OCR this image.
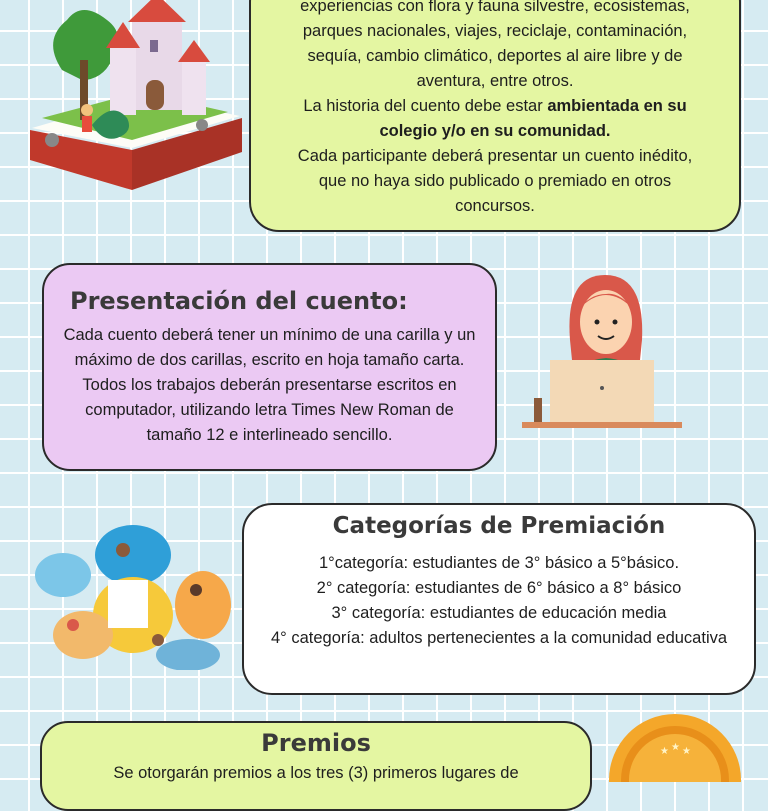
experiencias con flora y fauna silvestre, ecosistemas,

parques nacionales, viajes, reciclaje, contaminación,

sequía, cambio climático, deportes al aire libre y de

aventura, entre otros.

La historia del cuento debe estar ambientada en su colegio y/o en su comunidad.

Cada participante deberá presentar un cuento inédito, que no haya sido publicado o premiado en otros concursos.

Presentación del cuento:
Cada cuento deberá tener un mínimo de una carilla y un máximo de dos carillas, escrito en hoja tamaño carta. Todos los trabajos deberán presentarse escritos en computador, utilizando letra Times New Roman de tamaño 12 e interlineado sencillo.
Categorías de Premiación

1°categoría: estudiantes de 3° básico a 5°básico.

2° categoría: estudiantes de 6° básico a 8° básico

3° categoría: estudiantes de educación media

4° categoría: adultos pertenecientes a la comunidad educativa

Premios
Se otorgarán premios a los tres (3) primeros lugares de
★ ★ ★
